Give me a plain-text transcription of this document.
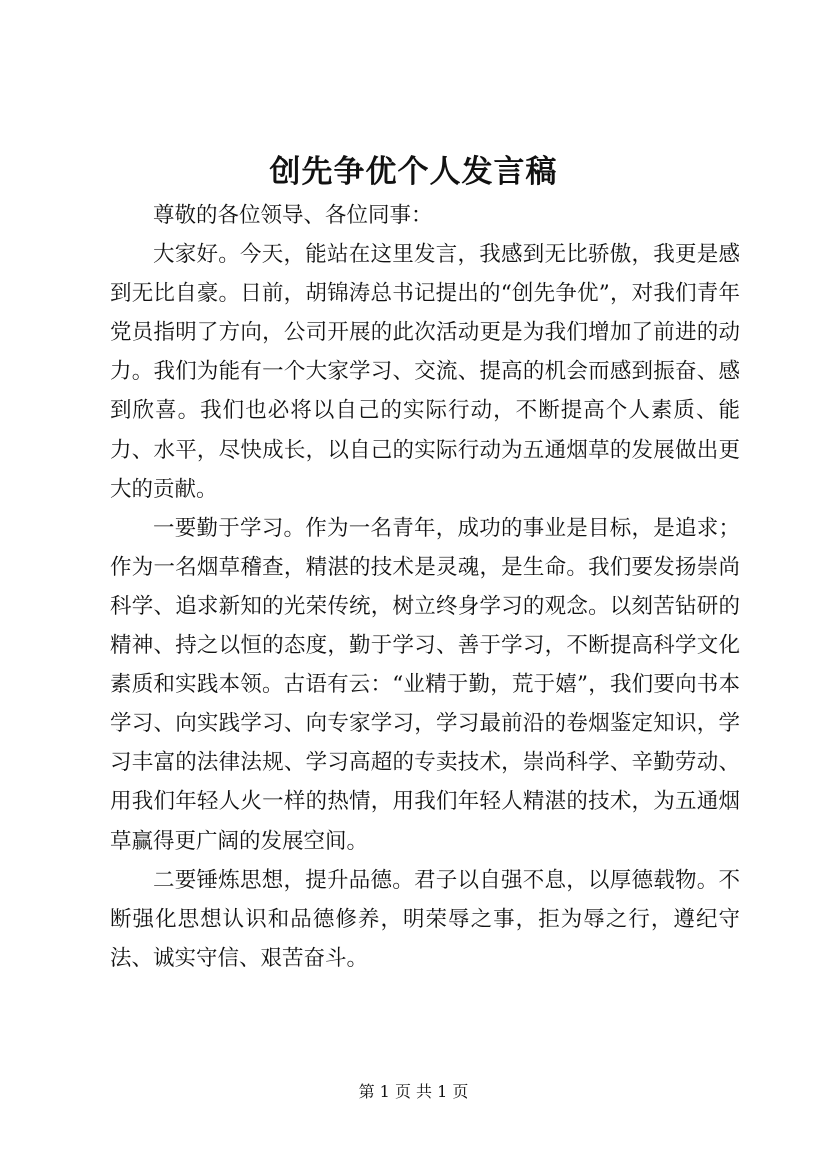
创先争优个人发言稿

尊敬的各位领导、各位同事：

大家好。今天，能站在这里发言，我感到无比骄傲，我更是感到无比自豪。日前，胡锦涛总书记提出的“创先争优”，对我们青年党员指明了方向，公司开展的此次活动更是为我们增加了前进的动力。我们为能有一个大家学习、交流、提高的机会而感到振奋、感到欣喜。我们也必将以自己的实际行动，不断提高个人素质、能力、水平，尽快成长，以自己的实际行动为五通烟草的发展做出更大的贡献。

一要勤于学习。作为一名青年，成功的事业是目标，是追求；作为一名烟草稽查，精湛的技术是灵魂，是生命。我们要发扬崇尚科学、追求新知的光荣传统，树立终身学习的观念。以刻苦钻研的精神、持之以恒的态度，勤于学习、善于学习，不断提高科学文化素质和实践本领。古语有云：“业精于勤，荒于嬉”，我们要向书本学习、向实践学习、向专家学习，学习最前沿的卷烟鉴定知识，学习丰富的法律法规、学习高超的专卖技术，崇尚科学、辛勤劳动、用我们年轻人火一样的热情，用我们年轻人精湛的技术，为五通烟草赢得更广阔的发展空间。

二要锤炼思想，提升品德。君子以自强不息，以厚德载物。不断强化思想认识和品德修养，明荣辱之事，拒为辱之行，遵纪守法、诚实守信、艰苦奋斗。

第 1 页 共 1 页
